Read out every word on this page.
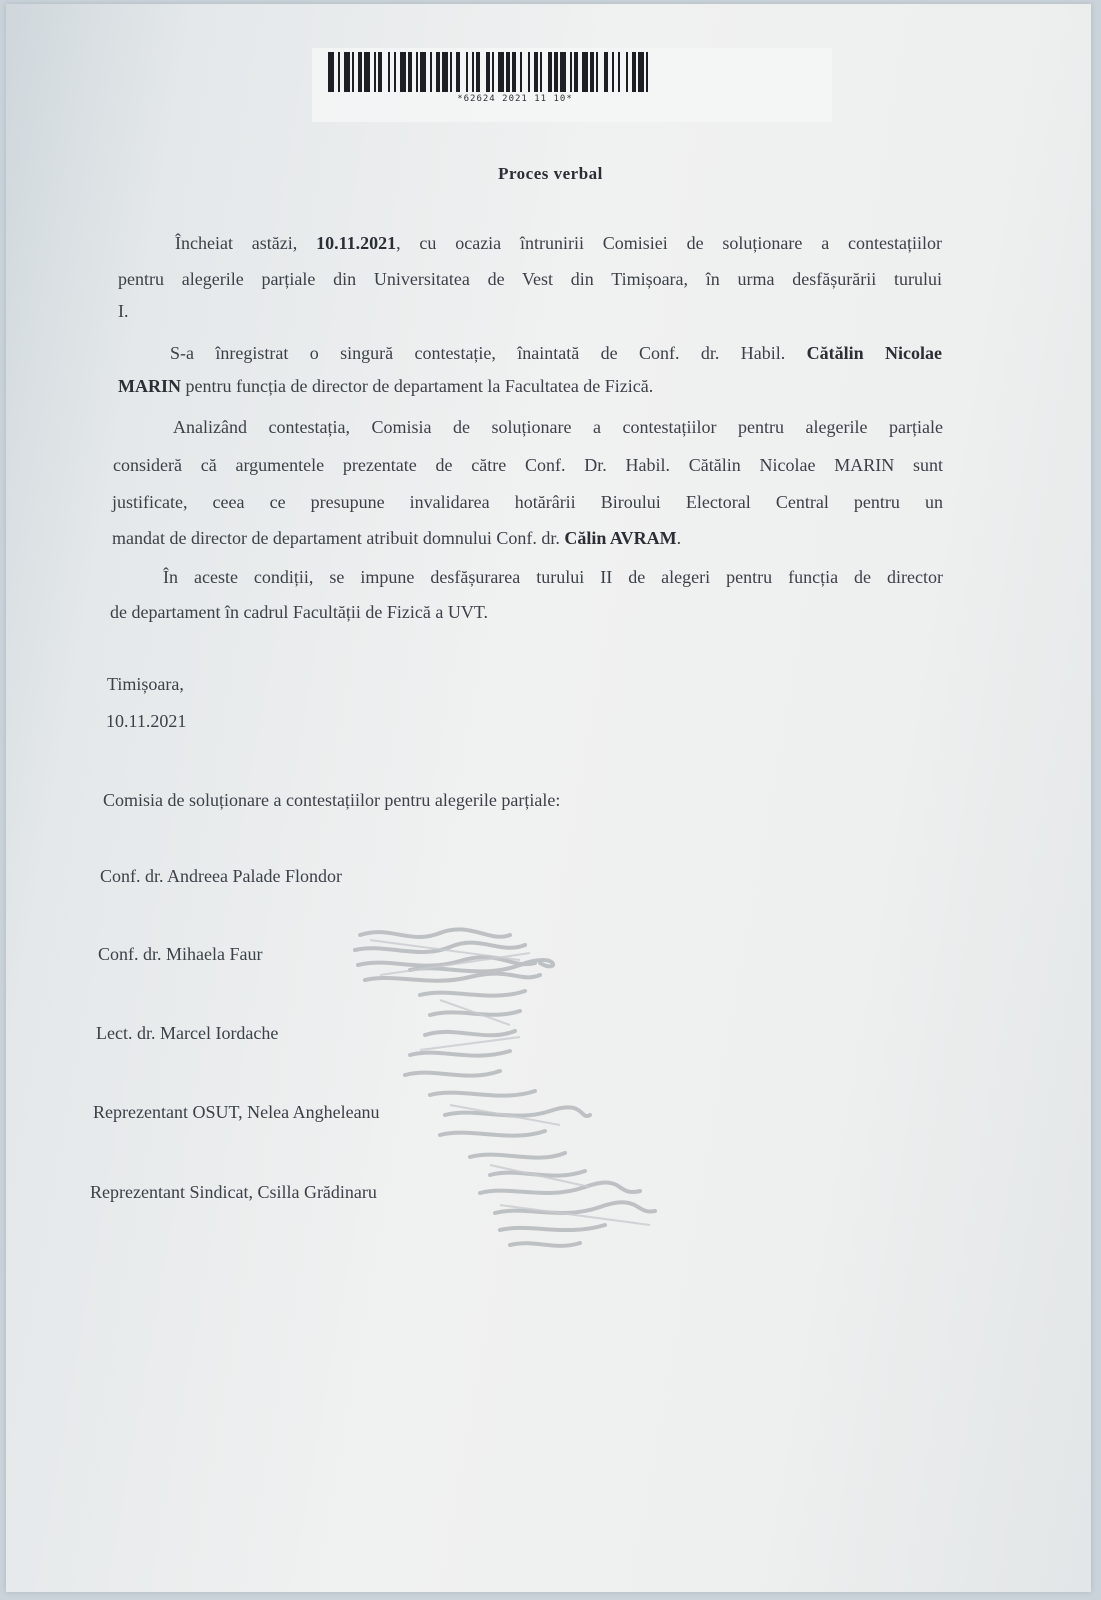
*62624 2021 11 10*
Proces verbal
Încheiat astăzi, 10.11.2021, cu ocazia întrunirii Comisiei de soluționare a contestațiilor
pentru alegerile parțiale din Universitatea de Vest din Timișoara, în urma desfășurării turului
I.
S-a înregistrat o singură contestație, înaintată de Conf. dr. Habil. Cătălin Nicolae
MARIN pentru funcția de director de departament la Facultatea de Fizică.
Analizând contestația, Comisia de soluționare a contestațiilor pentru alegerile parțiale
consideră că argumentele prezentate de către Conf. Dr. Habil. Cătălin Nicolae MARIN sunt
justificate, ceea ce presupune invalidarea hotărârii Biroului Electoral Central pentru un
mandat de director de departament atribuit domnului Conf. dr. Călin AVRAM.
În aceste condiții, se impune desfășurarea turului II de alegeri pentru funcția de director
de departament în cadrul Facultății de Fizică a UVT.
Timișoara,
10.11.2021
Comisia de soluționare a contestațiilor pentru alegerile parțiale:
Conf. dr. Andreea Palade Flondor
Conf. dr. Mihaela Faur
Lect. dr. Marcel Iordache
Reprezentant OSUT, Nelea Angheleanu
Reprezentant Sindicat, Csilla Grădinaru
